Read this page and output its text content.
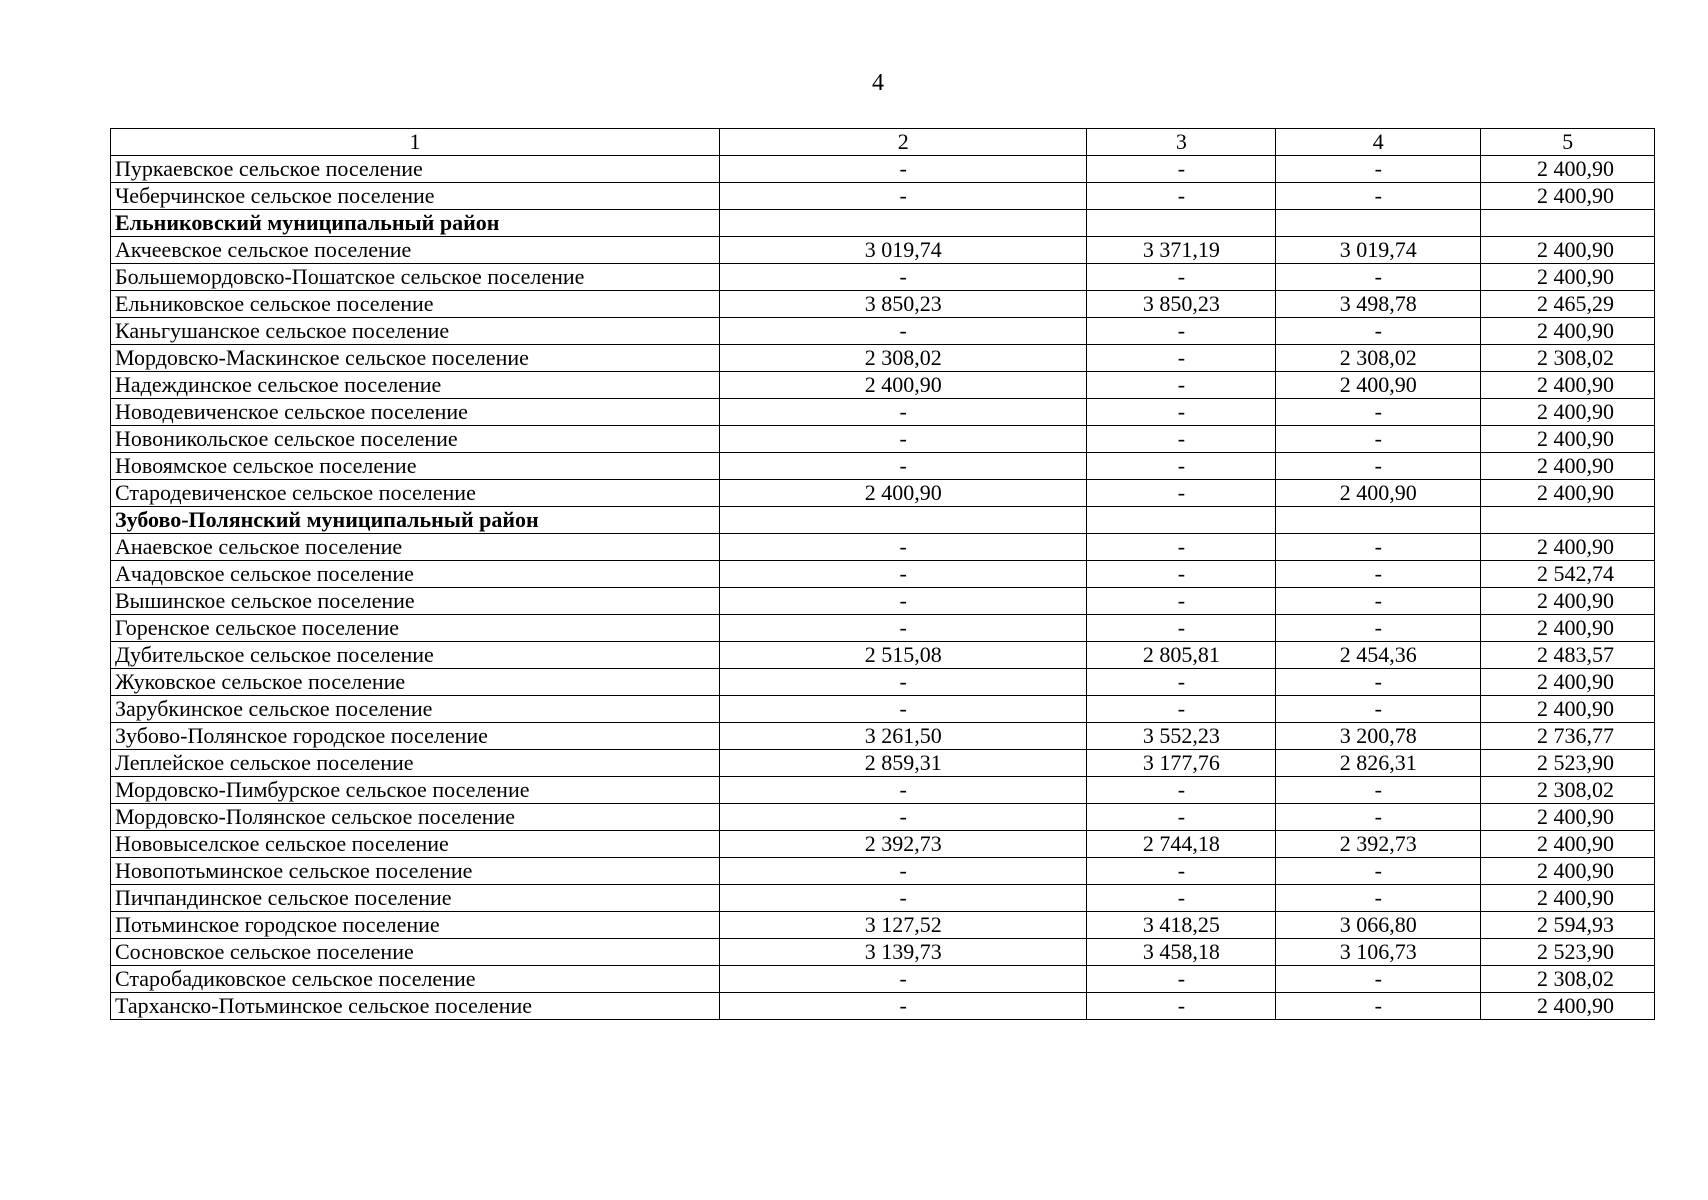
4
1	2	3	4	5
Пуркаевское сельское поселение	-	-	-	2 400,90
Чеберчинское сельское поселение	-	-	-	2 400,90
Ельниковский муниципальный район				
Акчеевское сельское поселение	3 019,74	3 371,19	3 019,74	2 400,90
Большемордовско-Пошатское сельское поселение	-	-	-	2 400,90
Ельниковское сельское поселение	3 850,23	3 850,23	3 498,78	2 465,29
Каньгушанское сельское поселение	-	-	-	2 400,90
Мордовско-Маскинское сельское поселение	2 308,02	-	2 308,02	2 308,02
Надеждинское сельское поселение	2 400,90	-	2 400,90	2 400,90
Новодевиченское сельское поселение	-	-	-	2 400,90
Новоникольское сельское поселение	-	-	-	2 400,90
Новоямское сельское поселение	-	-	-	2 400,90
Стародевиченское сельское поселение	2 400,90	-	2 400,90	2 400,90
Зубово-Полянский муниципальный район				
Анаевское сельское поселение	-	-	-	2 400,90
Ачадовское сельское поселение	-	-	-	2 542,74
Вышинское сельское поселение	-	-	-	2 400,90
Горенское сельское поселение	-	-	-	2 400,90
Дубительское сельское поселение	2 515,08	2 805,81	2 454,36	2 483,57
Жуковское сельское поселение	-	-	-	2 400,90
Зарубкинское сельское поселение	-	-	-	2 400,90
Зубово-Полянское городское поселение	3 261,50	3 552,23	3 200,78	2 736,77
Леплейское сельское поселение	2 859,31	3 177,76	2 826,31	2 523,90
Мордовско-Пимбурское сельское поселение	-	-	-	2 308,02
Мордовско-Полянское сельское поселение	-	-	-	2 400,90
Нововыселское сельское поселение	2 392,73	2 744,18	2 392,73	2 400,90
Новопотьминское сельское поселение	-	-	-	2 400,90
Пичпандинское сельское поселение	-	-	-	2 400,90
Потьминское городское поселение	3 127,52	3 418,25	3 066,80	2 594,93
Сосновское сельское поселение	3 139,73	3 458,18	3 106,73	2 523,90
Старобадиковское сельское поселение	-	-	-	2 308,02
Тарханско-Потьминское сельское поселение	-	-	-	2 400,90
